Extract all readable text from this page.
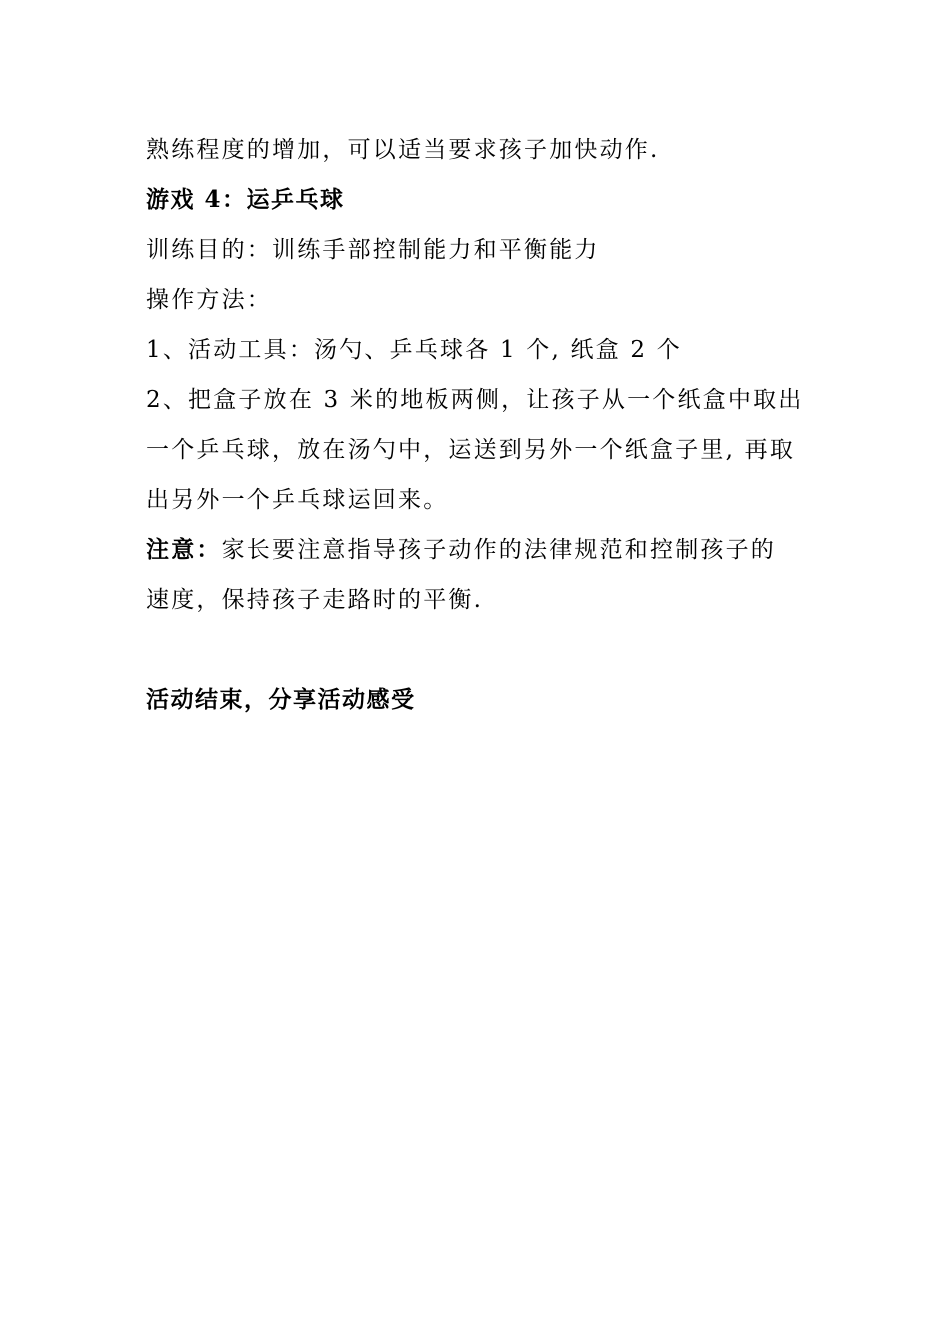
熟练程度的增加，可以适当要求孩子加快动作.
游戏 4：运乒乓球
训练目的：训练手部控制能力和平衡能力
操作方法：
1、活动工具：汤勺、乒乓球各 1 个, 纸盒 2 个
2、把盒子放在 3 米的地板两侧，让孩子从一个纸盒中取出
一个乒乓球，放在汤勺中，运送到另外一个纸盒子里, 再取
出另外一个乒乓球运回来。
注意：家长要注意指导孩子动作的法律规范和控制孩子的
速度，保持孩子走路时的平衡.
活动结束，分享活动感受
